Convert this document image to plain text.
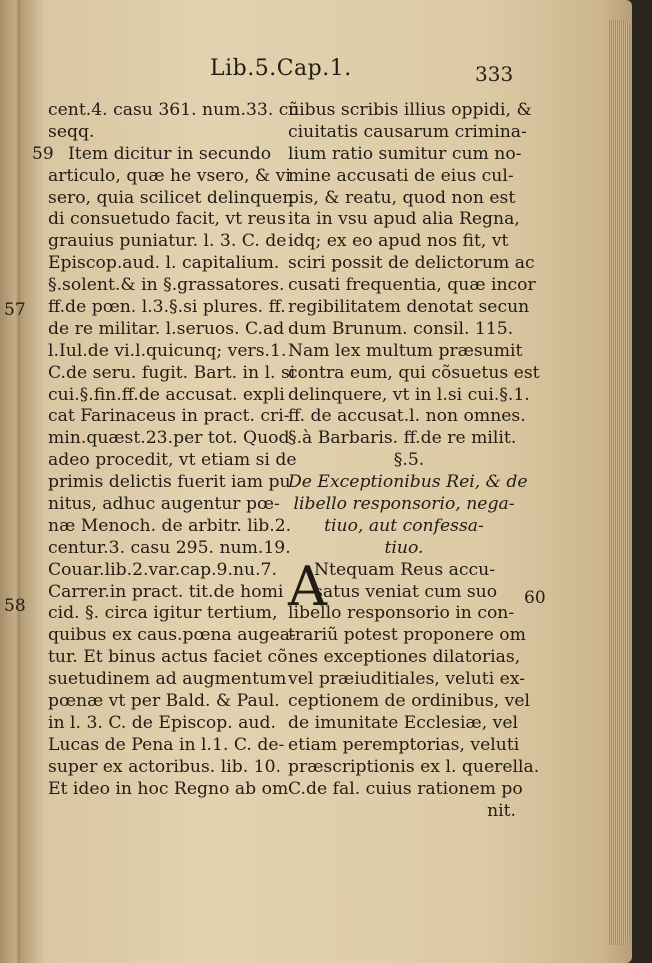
Lib.5.Cap.1.	333
59
57
58	60
cent.4. casu 361. num.33. cũ
seqq.
Item dicitur in secundo
articulo, quæ he vsero, & vi
sero, quia scilicet delinquen
di consuetudo facit, vt reus
grauius puniatur. l. 3. C. de
Episcop.aud. l. capitalium.
§.solent.& in §.grassatores.
ff.de pœn. l.3.§.si plures. ff.
de re militar. l.seruos. C.ad
l.Iul.de vi.l.quicunq; vers.1.
C.de seru. fugit. Bart. in l. si
cui.§.fin.ff.de accusat. expli
cat Farinaceus in pract. cri-
min.quæst.23.per tot. Quod
adeo procedit, vt etiam si de
primis delictis fuerit iam pu
nitus, adhuc augentur pœ-
næ Menoch. de arbitr. lib.2.
centur.3. casu 295. num.19.
Couar.lib.2.var.cap.9.nu.7.
Carrer.in pract. tit.de homi
cid. §. circa igitur tertium,
quibus ex caus.pœna augea-
tur. Et binus actus faciet cõ
suetudinem ad augmentum
pœnæ vt per Bald. & Paul.
in l. 3. C. de Episcop. aud.
Lucas de Pena in l.1. C. de-
super ex actoribus. lib. 10.
Et ideo in hoc Regno ab om
nibus scribis illius oppidi, &
ciuitatis causarum crimina-
lium ratio sumitur cum no-
mine accusati de eius cul-
pis, & reatu, quod non est
ita in vsu apud alia Regna,
idq; ex eo apud nos fit, vt
sciri possit de delictorum ac
cusati frequentia, quæ incor
regibilitatem denotat secun
dum Brunum. consil. 115.
Nam lex multum præsumit
contra eum, qui cõsuetus est
delinquere, vt in l.si cui.§.1.
ff. de accusat.l. non omnes.
§.à Barbaris. ff.de re milit.
§.5.
De Exceptionibus Rei, & de
libello responsorio, nega-
tiuo, aut confessa-
tiuo.
A
Ntequam Reus accu-
satus veniat cum suo
libello responsorio in con-
trariũ potest proponere om
nes exceptiones dilatorias,
vel præiuditiales, veluti ex-
ceptionem de ordinibus, vel
de imunitate Ecclesiæ, vel
etiam peremptorias, veluti
præscriptionis ex l. querella.
C.de fal. cuius rationem po
nit.
